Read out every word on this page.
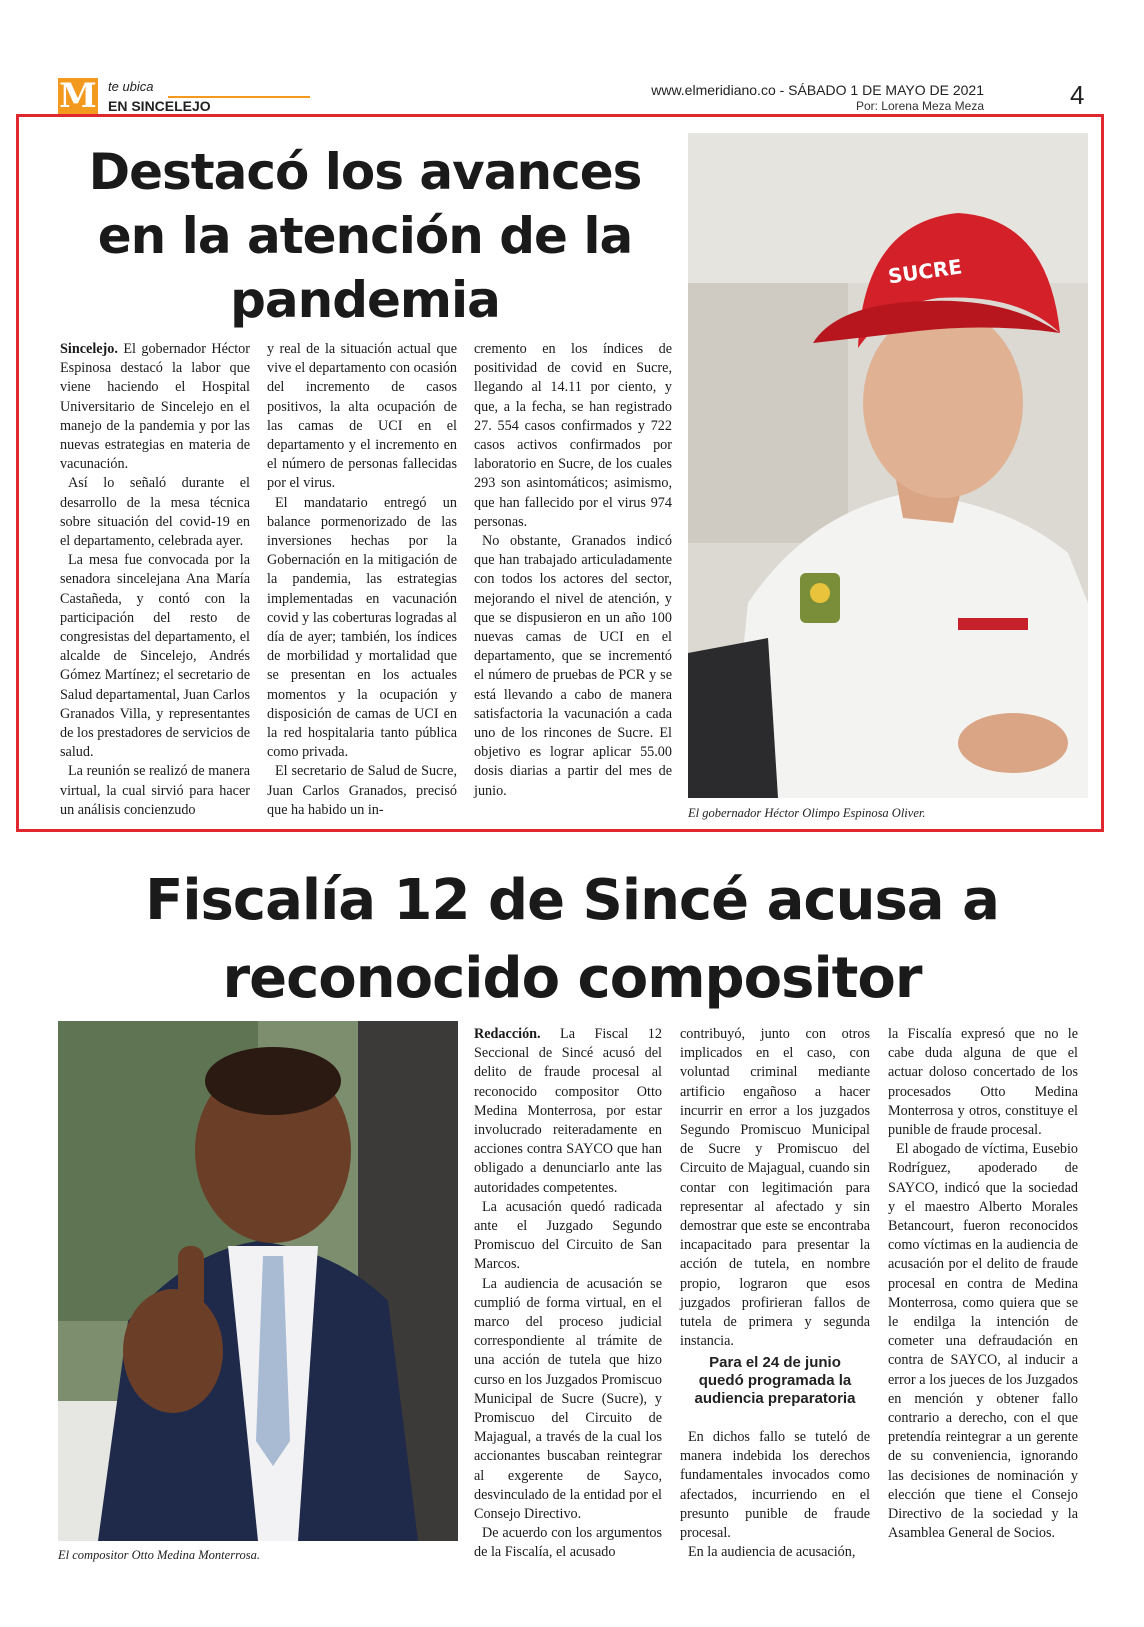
M te ubica
EN SINCELEJO
www.elmeridiano.co - SÁBADO 1 DE MAYO DE 2021
Por: Lorena Meza Meza	4
Destacó los avances en la atención de la pandemia

Sincelejo. El gobernador Héctor Espinosa destacó la labor que viene haciendo el Hospital Universitario de Sincelejo en el manejo de la pandemia y por las nuevas estrategias en materia de vacunación.

Así lo señaló durante el desarrollo de la mesa técnica sobre situación del covid-19 en el departamento, celebrada ayer.

La mesa fue convocada por la senadora sincelejana Ana María Castañeda, y contó con la participación del resto de congresistas del departamento, el alcalde de Sincelejo, Andrés Gómez Martínez; el secretario de Salud departamental, Juan Carlos Granados Villa, y representantes de los prestadores de servicios de salud.

La reunión se realizó de manera virtual, la cual sirvió para hacer un análisis concienzudo

y real de la situación actual que vive el departamento con ocasión del incremento de casos positivos, la alta ocupación de las camas de UCI en el departamento y el incremento en el número de personas fallecidas por el virus.

El mandatario entregó un balance pormenorizado de las inversiones hechas por la Gobernación en la mitigación de la pandemia, las estrategias implementadas en vacunación covid y las coberturas logradas al día de ayer; también, los índices de morbilidad y mortalidad que se presentan en los actuales momentos y la ocupación y disposición de camas de UCI en la red hospitalaria tanto pública como privada.

El secretario de Salud de Sucre, Juan Carlos Granados, precisó que ha habido un in-

cremento en los índices de positividad de covid en Sucre, llegando al 14.11 por ciento, y que, a la fecha, se han registrado 27. 554 casos confirmados y 722 casos activos confirmados por laboratorio en Sucre, de los cuales 293 son asintomáticos; asimismo, que han fallecido por el virus 974 personas.

No obstante, Granados indicó que han trabajado articuladamente con todos los actores del sector, mejorando el nivel de atención, y que se dispusieron en un año 100 nuevas camas de UCI en el departamento, que se incrementó el número de pruebas de PCR y se está llevando a cabo de manera satisfactoria la vacunación a cada uno de los rincones de Sucre. El objetivo es lograr aplicar 55.00 dosis diarias a partir del mes de junio.

SUCRE
El gobernador Héctor Olimpo Espinosa Oliver.
Fiscalía 12 de Sincé acusa a reconocido compositor
El compositor Otto Medina Monterrosa.

Redacción. La Fiscal 12 Seccional de Sincé acusó del delito de fraude procesal al reconocido compositor Otto Medina Monterrosa, por estar involucrado reiteradamente en acciones contra SAYCO que han obligado a denunciarlo ante las autoridades competentes.

La acusación quedó radicada ante el Juzgado Segundo Promiscuo del Circuito de San Marcos.

La audiencia de acusación se cumplió de forma virtual, en el marco del proceso judicial correspondiente al trámite de una acción de tutela que hizo curso en los Juzgados Promiscuo Municipal de Sucre (Sucre), y Promiscuo del Circuito de Majagual, a través de la cual los accionantes buscaban reintegrar al exgerente de Sayco, desvinculado de la entidad por el Consejo Directivo.

De acuerdo con los argumentos de la Fiscalía, el acusado

contribuyó, junto con otros implicados en el caso, con voluntad criminal mediante artificio engañoso a hacer incurrir en error a los juzgados Segundo Promiscuo Municipal de Sucre y Promiscuo del Circuito de Majagual, cuando sin contar con legitimación para representar al afectado y sin demostrar que este se encontraba incapacitado para presentar la acción de tutela, en nombre propio, lograron que esos juzgados profirieran fallos de tutela de primera y segunda instancia.

Para el 24 de junio quedó programada la audiencia preparatoria

En dichos fallo se tuteló de manera indebida los derechos fundamentales invocados como afectados, incurriendo en el presunto punible de fraude procesal.

En la audiencia de acusación,

la Fiscalía expresó que no le cabe duda alguna de que el actuar doloso concertado de los procesados Otto Medina Monterrosa y otros, constituye el punible de fraude procesal.

El abogado de víctima, Eusebio Rodríguez, apoderado de SAYCO, indicó que la sociedad y el maestro Alberto Morales Betancourt, fueron reconocidos como víctimas en la audiencia de acusación por el delito de fraude procesal en contra de Medina Monterrosa, como quiera que se le endilga la intención de cometer una defraudación en contra de SAYCO, al inducir a error a los jueces de los Juzgados en mención y obtener fallo contrario a derecho, con el que pretendía reintegrar a un gerente de su conveniencia, ignorando las decisiones de nominación y elección que tiene el Consejo Directivo de la sociedad y la Asamblea General de Socios.
